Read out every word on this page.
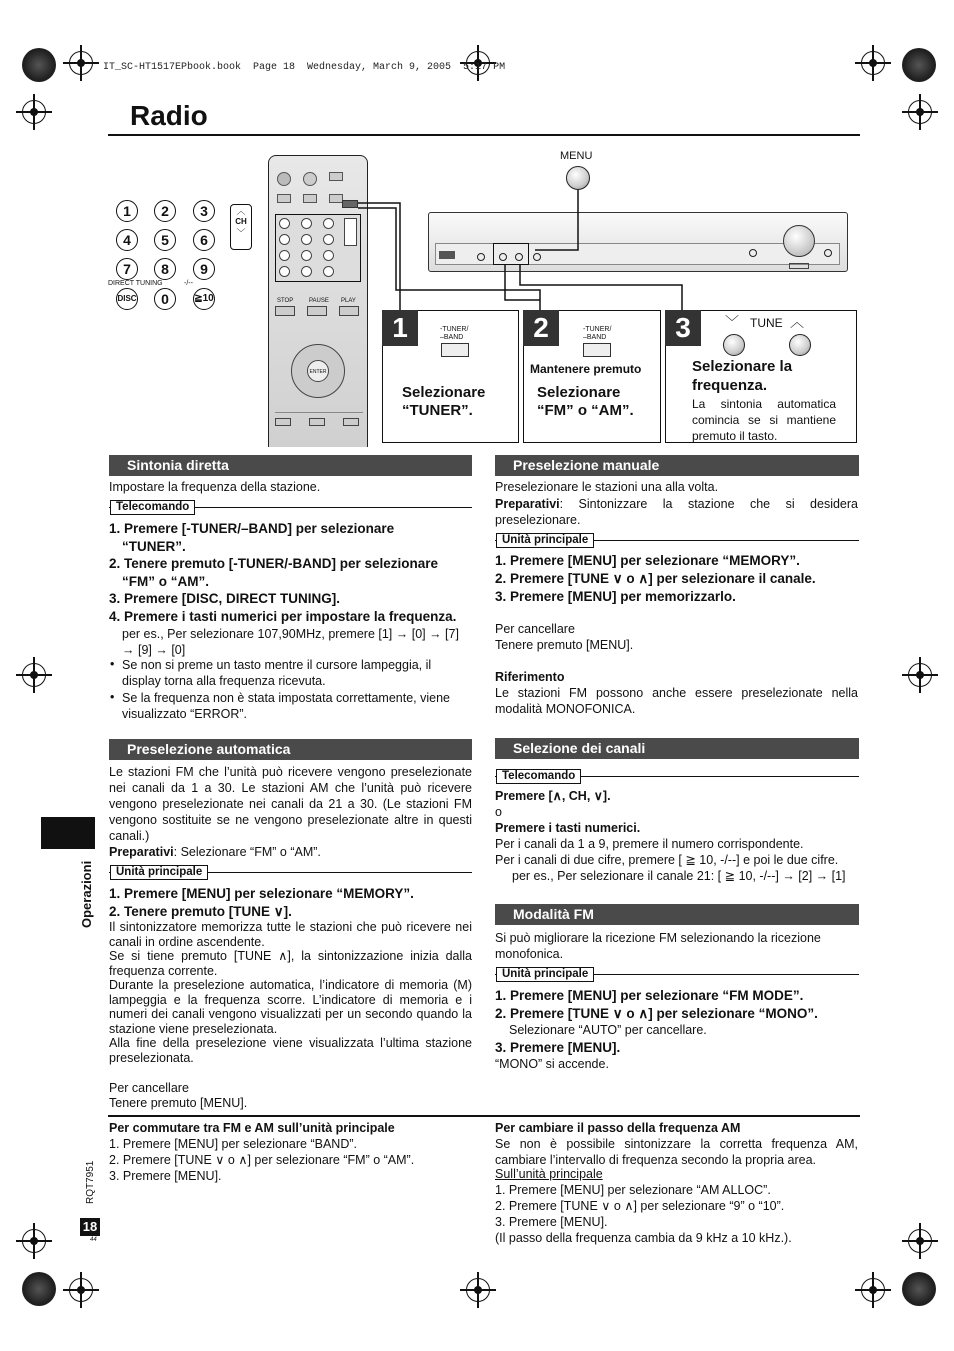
IT_SC-HT1517EPbook.book  Page 18  Wednesday, March 9, 2005  5:17 PM
Radio
1	2	3
4	5	6
7	8	9
0
DISC	≧10
DIRECT TUNING	-/--
︿
CH
﹀
STOP	PAUSE PLAY
ENTER
MENU
1	-TUNER/
–BAND
Selezionare
“TUNER”.
2	-TUNER/
–BAND
Mantenere premuto
Selezionare
“FM” o “AM”.
3	﹀ TUNE ︿
Selezionare la frequenza.
La sintonia automatica comincia se si mantiene premuto il tasto.
Sintonia diretta

Impostare la frequenza della stazione.

Telecomando
1. Premere [-TUNER/–BAND] per selezionare “TUNER”.
2. Tenere premuto [-TUNER/-BAND] per selezionare “FM” o “AM”.
3. Premere [DISC, DIRECT TUNING].
4. Premere i tasti numerici per impostare la frequenza.

per es., Per selezionare 107,90MHz, premere [1] → [0] → [7] → [9] → [0]

• Se non si preme un tasto mentre il cursore lampeggia, il display torna alla frequenza ricevuta.

• Se la frequenza non è stata impostata correttamente, viene visualizzato “ERROR”.

Preselezione automatica

Le stazioni FM che l’unità può ricevere vengono preselezionate nei canali da 1 a 30. Le stazioni AM che l’unità può ricevere vengono preselezionate nei canali da 21 a 30. (Le stazioni FM vengono sostituite se ne vengono preselezionate altre in questi canali.)

Preparativi: Selezionare “FM” o “AM”.

Unità principale
1. Premere [MENU] per selezionare “MEMORY”.
2. Tenere premuto [TUNE ∨].

Il sintonizzatore memorizza tutte le stazioni che può ricevere nei canali in ordine ascendente.

Se si tiene premuto [TUNE ∧], la sintonizzazione inizia dalla frequenza corrente.

Durante la preselezione automatica, l’indicatore di memoria (M) lampeggia e la frequenza scorre. L’indicatore di memoria e i numeri dei canali vengono visualizzati per un secondo quando la stazione viene preselezionata.

Alla fine della preselezione viene visualizzata l’ultima stazione preselezionata.

Per cancellare

Tenere premuto [MENU].

Preselezione manuale

Preselezionare le stazioni una alla volta.

Preparativi: Sintonizzare la stazione che si desidera preselezionare.

Unità principale
1. Premere [MENU] per selezionare “MEMORY”.
2. Premere [TUNE ∨ o ∧] per selezionare il canale.
3. Premere [MENU] per memorizzarlo.

Per cancellare

Tenere premuto [MENU].

Riferimento

Le stazioni FM possono anche essere preselezionate nella modalità MONOFONICA.

Selezione dei canali
Telecomando

Premere [∧, CH, ∨].

o

Premere i tasti numerici.

Per i canali da 1 a 9, premere il numero corrispondente.

Per i canali di due cifre, premere [ ≧ 10, -/--] e poi le due cifre.

per es., Per selezionare il canale 21: [ ≧ 10, -/--] → [2] → [1]

Modalità FM

Si può migliorare la ricezione FM selezionando la ricezione monofonica.

Unità principale
1. Premere [MENU] per selezionare “FM MODE”.
2. Premere [TUNE ∨ o ∧] per selezionare “MONO”.

Selezionare “AUTO” per cancellare.

3. Premere [MENU].

“MONO” si accende.

Per commutare tra FM e AM sull’unità principale

1. Premere [MENU] per selezionare “BAND”.

2. Premere [TUNE ∨ o ∧] per selezionare “FM” o “AM”.

3. Premere [MENU].

Per cambiare il passo della frequenza AM

Se non è possibile sintonizzare la corretta frequenza AM, cambiare l’intervallo di frequenza secondo la propria area.

Sull’unità principale

1. Premere [MENU] per selezionare “AM ALLOC”.

2. Premere [TUNE ∨ o ∧] per selezionare “9” o “10”.

3. Premere [MENU].

(Il passo della frequenza cambia da 9 kHz a 10 kHz.).

Operazioni
RQT7951
18
44
